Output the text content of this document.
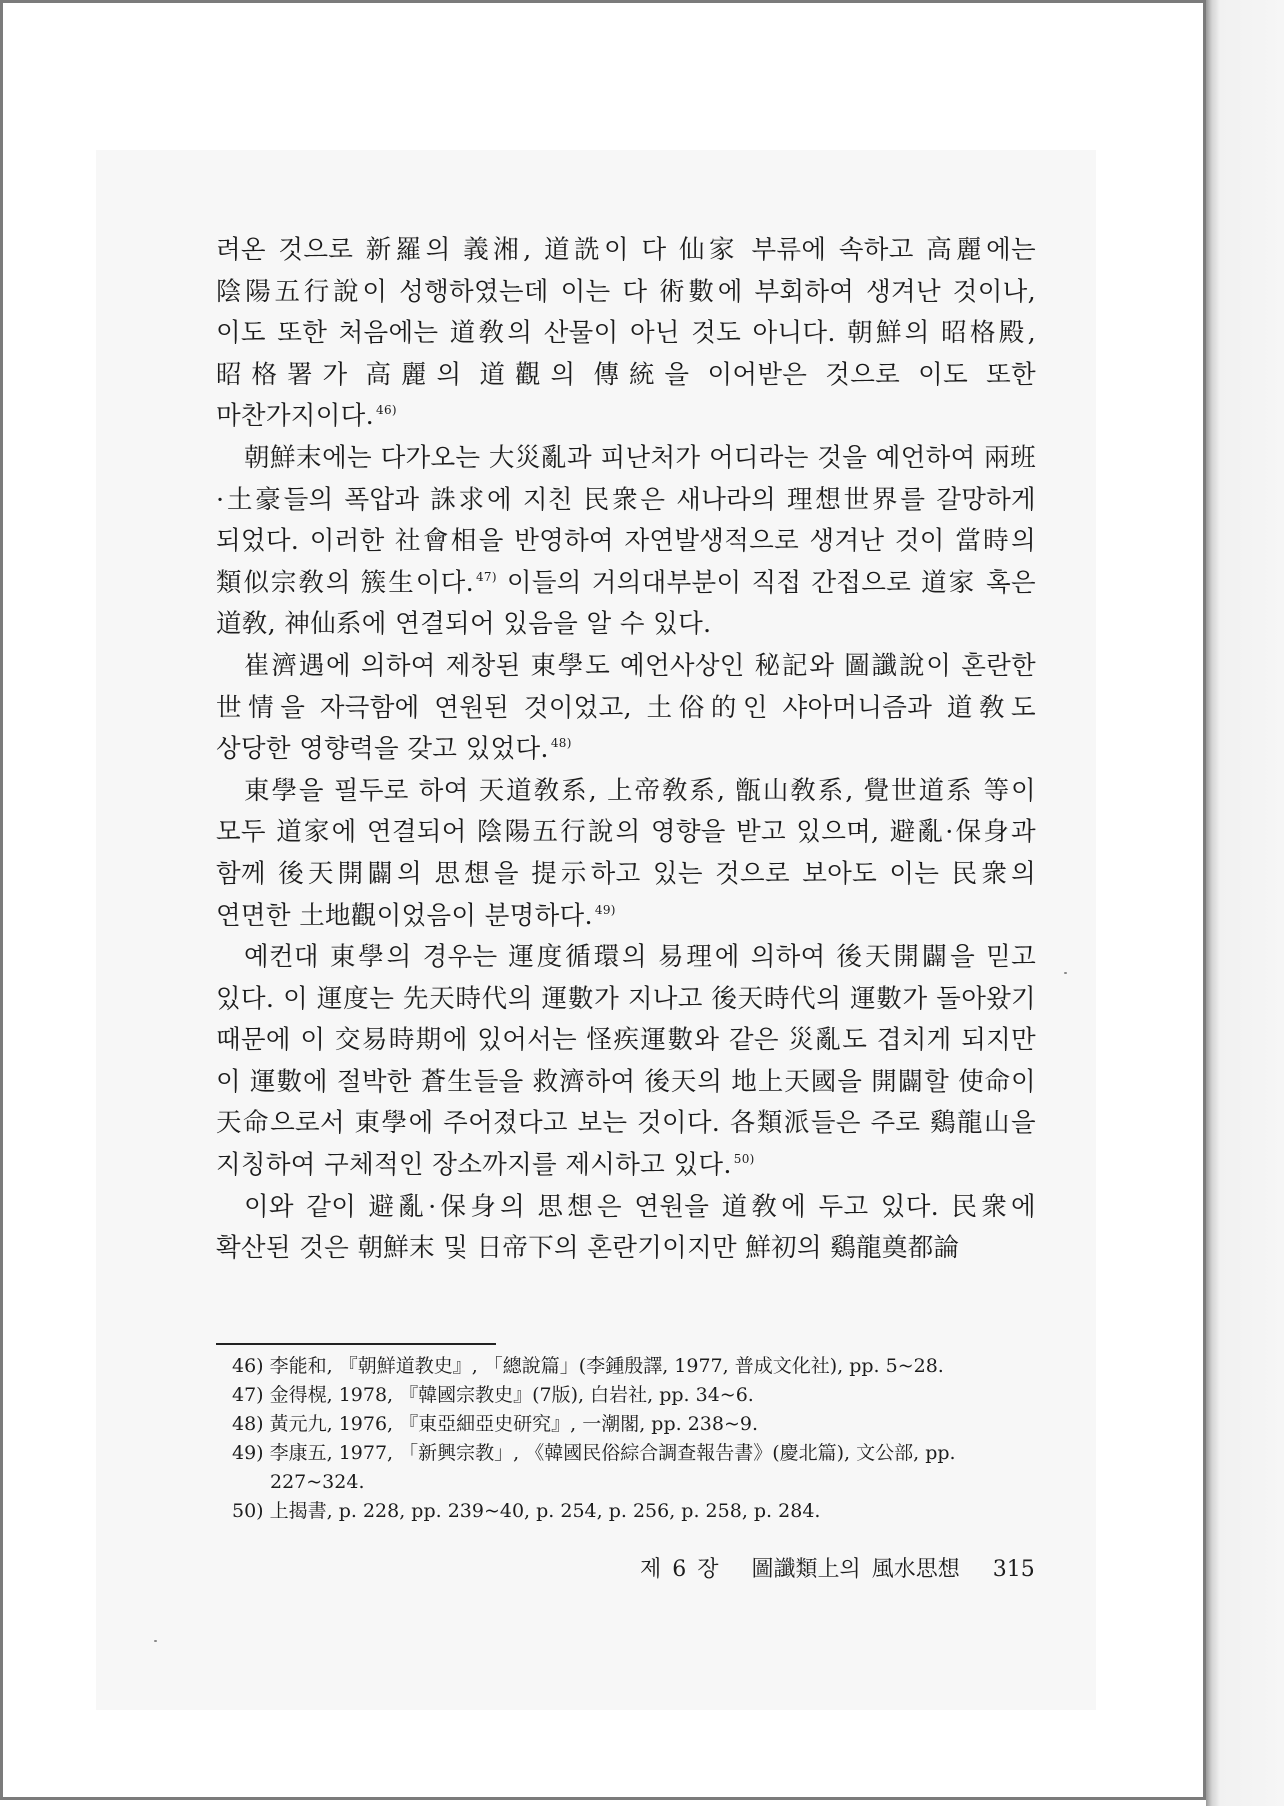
려온 것으로 新羅의 義湘, 道詵이 다 仙家 부류에 속하고 高麗에는 陰陽五行說이 성행하였는데 이는 다 術數에 부회하여 생겨난 것이나, 이도 또한 처음에는 道敎의 산물이 아닌 것도 아니다. 朝鮮의 昭格殿, 昭格署가 高麗의 道觀의 傳統을 이어받은 것으로 이도 또한 마찬가지이다. $^{46)}$

朝鮮末에는 다가오는 大災亂과 피난처가 어디라는 것을 예언하여 兩班·土豪들의 폭압과 誅求에 지친 民衆은 새나라의 理想世界를 갈망하게 되었다. 이러한 社會相을 반영하여 자연발생적으로 생겨난 것이 當時의 類似宗敎의 簇生이다. $^{47)}$ 이들의 거의대부분이 직접 간접으로 道家 혹은 道敎, 神仙系에 연결되어 있음을 알 수 있다.

崔濟遇에 의하여 제창된 東學도 예언사상인 秘記와 圖讖說이 혼란한 世情을 자극함에 연원된 것이었고, 土俗的인 샤아머니즘과 道敎도 상당한 영향력을 갖고 있었다. $^{48)}$

東學을 필두로 하여 天道敎系, 上帝敎系, 甑山敎系, 覺世道系 等이 모두 道家에 연결되어 陰陽五行說의 영향을 받고 있으며, 避亂·保身과 함께 後天開闢의 思想을 提示하고 있는 것으로 보아도 이는 民衆의 연면한 土地觀이었음이 분명하다. $^{49)}$

예컨대 東學의 경우는 運度循環의 易理에 의하여 後天開闢을 믿고 있다. 이 運度는 先天時代의 運數가 지나고 後天時代의 運數가 돌아왔기 때문에 이 交易時期에 있어서는 怪疾運數와 같은 災亂도 겹치게 되지만 이 運數에 절박한 蒼生들을 救濟하여 後天의 地上天國을 開闢할 使命이 天命으로서 東學에 주어졌다고 보는 것이다. 各類派들은 주로 鷄龍山을 지칭하여 구체적인 장소까지를 제시하고 있다. $^{50)}$

이와 같이 避亂·保身의 思想은 연원을 道敎에 두고 있다. 民衆에 확산된 것은 朝鮮末 및 日帝下의 혼란기이지만 鮮初의 鷄龍奠都論

46) 李能和, 『朝鮮道教史』, 「總說篇」(李鍾殷譯, 1977, 普成文化社), pp. 5~28.

47) 金得榥, 1978, 『韓國宗教史』(7版), 白岩社, pp. 34~6.

48) 黃元九, 1976, 『東亞細亞史研究』, 一潮閣, pp. 238~9.

49) 李康五, 1977, 「新興宗教」, 《韓國民俗綜合調查報告書》(慶北篇), 文公部, pp. 227~324.

50) 上揭書, p. 228, pp. 239~40, p. 254, p. 256, p. 258, p. 284.

제 6 장 圖讖類上의 風水思想 315
